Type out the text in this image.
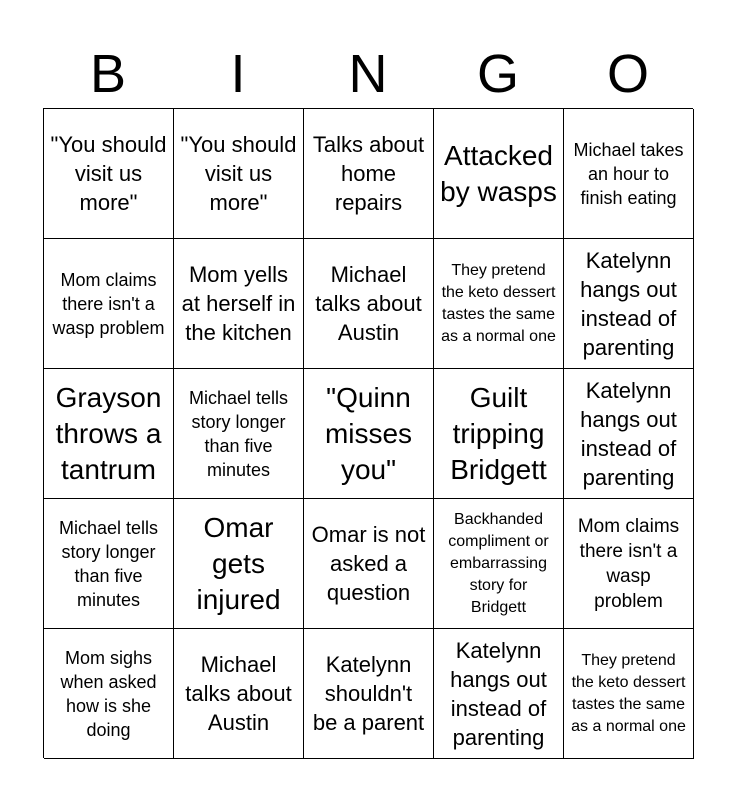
B	I	N	G	O
"You should visit us more"
"You should visit us more"
Talks about home repairs
Attacked by wasps
Michael takes an hour to finish eating
Mom claims there isn't a wasp problem
Mom yells at herself in the kitchen
Michael talks about Austin
They pretend the keto dessert tastes the same as a normal one
Katelynn hangs out instead of parenting
Grayson throws a tantrum
Michael tells story longer than five minutes
"Quinn misses you"
Guilt tripping Bridgett
Katelynn hangs out instead of parenting
Michael tells story longer than five minutes
Omar gets injured
Omar is not asked a question
Backhanded compliment or embarrassing story for Bridgett
Mom claims there isn't a wasp problem
Mom sighs when asked how is she doing
Michael talks about Austin
Katelynn shouldn't be a parent
Katelynn hangs out instead of parenting
They pretend the keto dessert tastes the same as a normal one
